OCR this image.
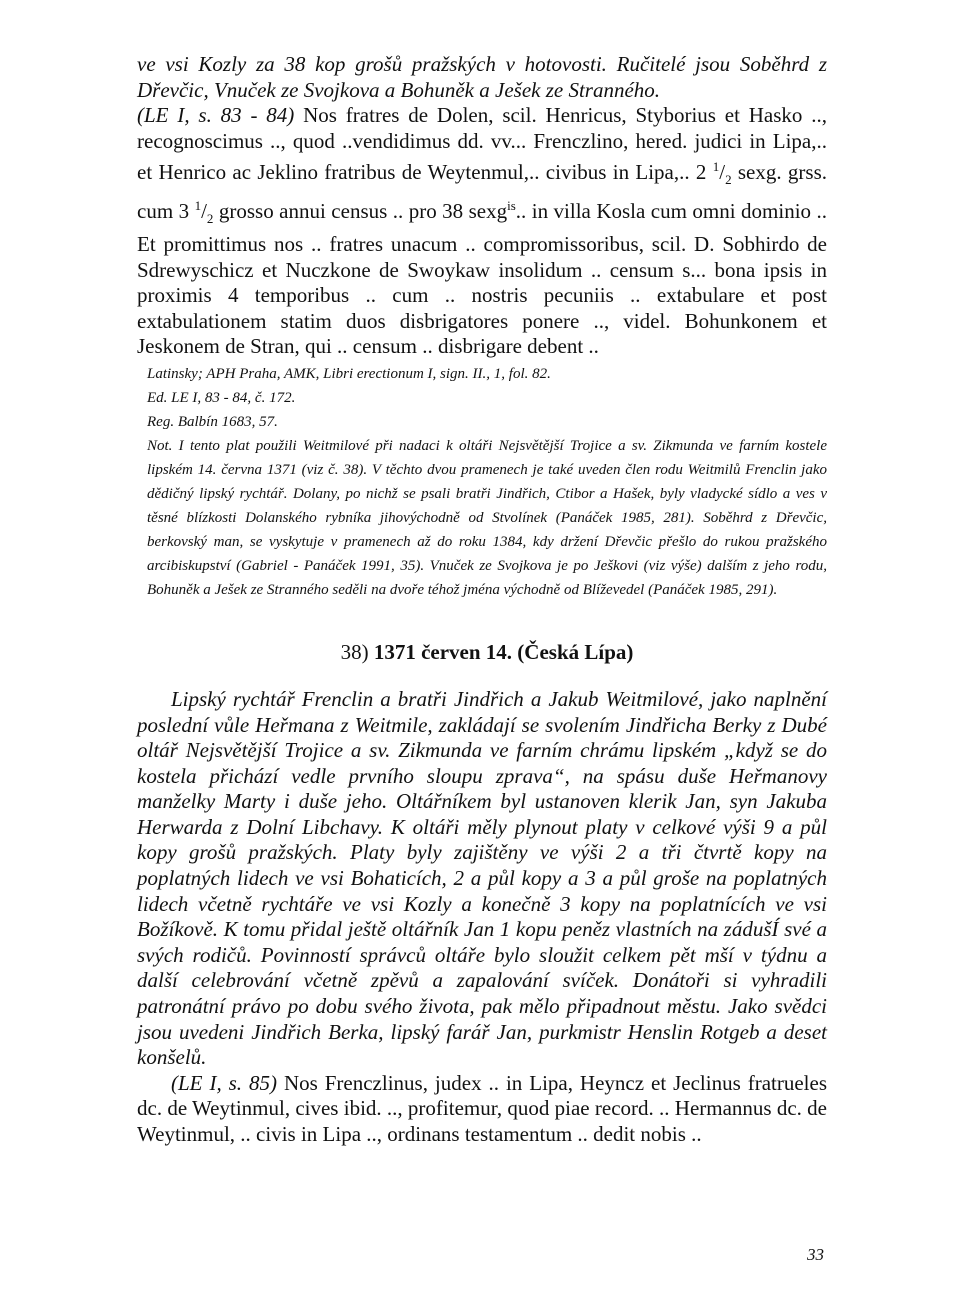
ve vsi Kozly za 38 kop grošů pražských v hotovosti. Ručitelé jsou Soběhrd z Dřevčic, Vnuček ze Svojkova a Bohuněk a Ješek ze Stranného.
(LE I, s. 83 - 84) Nos fratres de Dolen, scil. Henricus, Styborius et Hasko .., recognoscimus .., quod ..vendidimus dd. vv... Frenczlino, hered. judici in Lipa,.. et Henrico ac Jeklino fratribus de Weytenmul,.. civibus in Lipa,.. 2 $^1/_2$ sexg. grss. cum 3 $^1/_2$ grosso annui census .. pro 38 sexg$^{is}$.. in villa Kosla cum omni dominio .. Et promittimus nos .. fratres unacum .. compromissoribus, scil. D. Sobhirdo de Sdrewyschicz et Nuczkone de Swoykaw insolidum .. censum s... bona ipsis in proximis 4 temporibus .. cum .. nostris pecuniis .. extabulare et post extabulationem statim duos disbrigatores ponere .., videl. Bohunkonem et Jeskonem de Stran, qui .. censum .. disbrigare debent ..

Latinsky; APH Praha, AMK, Libri erectionum I, sign. II., 1, fol. 82.

Ed. LE I, 83 - 84, č. 172.

Reg. Balbín 1683, 57.

Not. I tento plat použili Weitmilové při nadaci k oltáři Nejsvětější Trojice a sv. Zikmunda ve farním kostele lipském 14. června 1371 (viz č. 38). V těchto dvou pramenech je také uveden člen rodu Weitmilů Frenclin jako dědičný lipský rychtář. Dolany, po nichž se psali bratři Jindřich, Ctibor a Hašek, byly vladycké sídlo a ves v těsné blízkosti Dolanského rybníka jihovýchodně od Stvolínek (Panáček 1985, 281). Soběhrd z Dřevčic, berkovský man, se vyskytuje v pramenech až do roku 1384, kdy držení Dřevčic přešlo do rukou pražského arcibiskupství (Gabriel - Panáček 1991, 35). Vnuček ze Svojkova je po Ješkovi (viz výše) dalším z jeho rodu, Bohuněk a Ješek ze Stranného seděli na dvoře téhož jména východně od Blíževedel (Panáček 1985, 291).

38) 1371 červen 14. (Česká Lípa)

Lipský rychtář Frenclin a bratři Jindřich a Jakub Weitmilové, jako naplnění poslední vůle Heřmana z Weitmile, zakládají se svolením Jindřicha Berky z Dubé oltář Nejsvětější Trojice a sv. Zikmunda ve farním chrámu lipském „když se do kostela přichází vedle prvního sloupu zprava“, na spásu duše Heřmanovy manželky Marty i duše jeho. Oltářníkem byl ustanoven klerik Jan, syn Jakuba Herwarda z Dolní Libchavy. K oltáři měly plynout platy v celkové výši 9 a půl kopy grošů pražských. Platy byly zajištěny ve výši 2 a tři čtvrtě kopy na poplatných lidech ve vsi Bohaticích, 2 a půl kopy a 3 a půl groše na poplatných lidech včetně rychtáře ve vsi Kozly a konečně 3 kopy na poplatnících ve vsi Božíkově. K tomu přidal ještě oltářník Jan 1 kopu peněz vlastních na zádušÍ své a svých rodičů. Povinností správců oltáře bylo sloužit celkem pět mší v týdnu a další celebrování včetně zpěvů a zapalování svíček. Donátoři si vyhradili patronátní právo po dobu svého života, pak mělo připadnout městu. Jako svědci jsou uvedeni Jindřich Berka, lipský farář Jan, purkmistr Henslin Rotgeb a deset konšelů.

(LE I, s. 85) Nos Frenczlinus, judex .. in Lipa, Heyncz et Jeclinus fratrueles dc. de Weytinmul, cives ibid. .., profitemur, quod piae record. .. Hermannus dc. de Weytinmul, .. civis in Lipa .., ordinans testamentum .. dedit nobis ..

33
